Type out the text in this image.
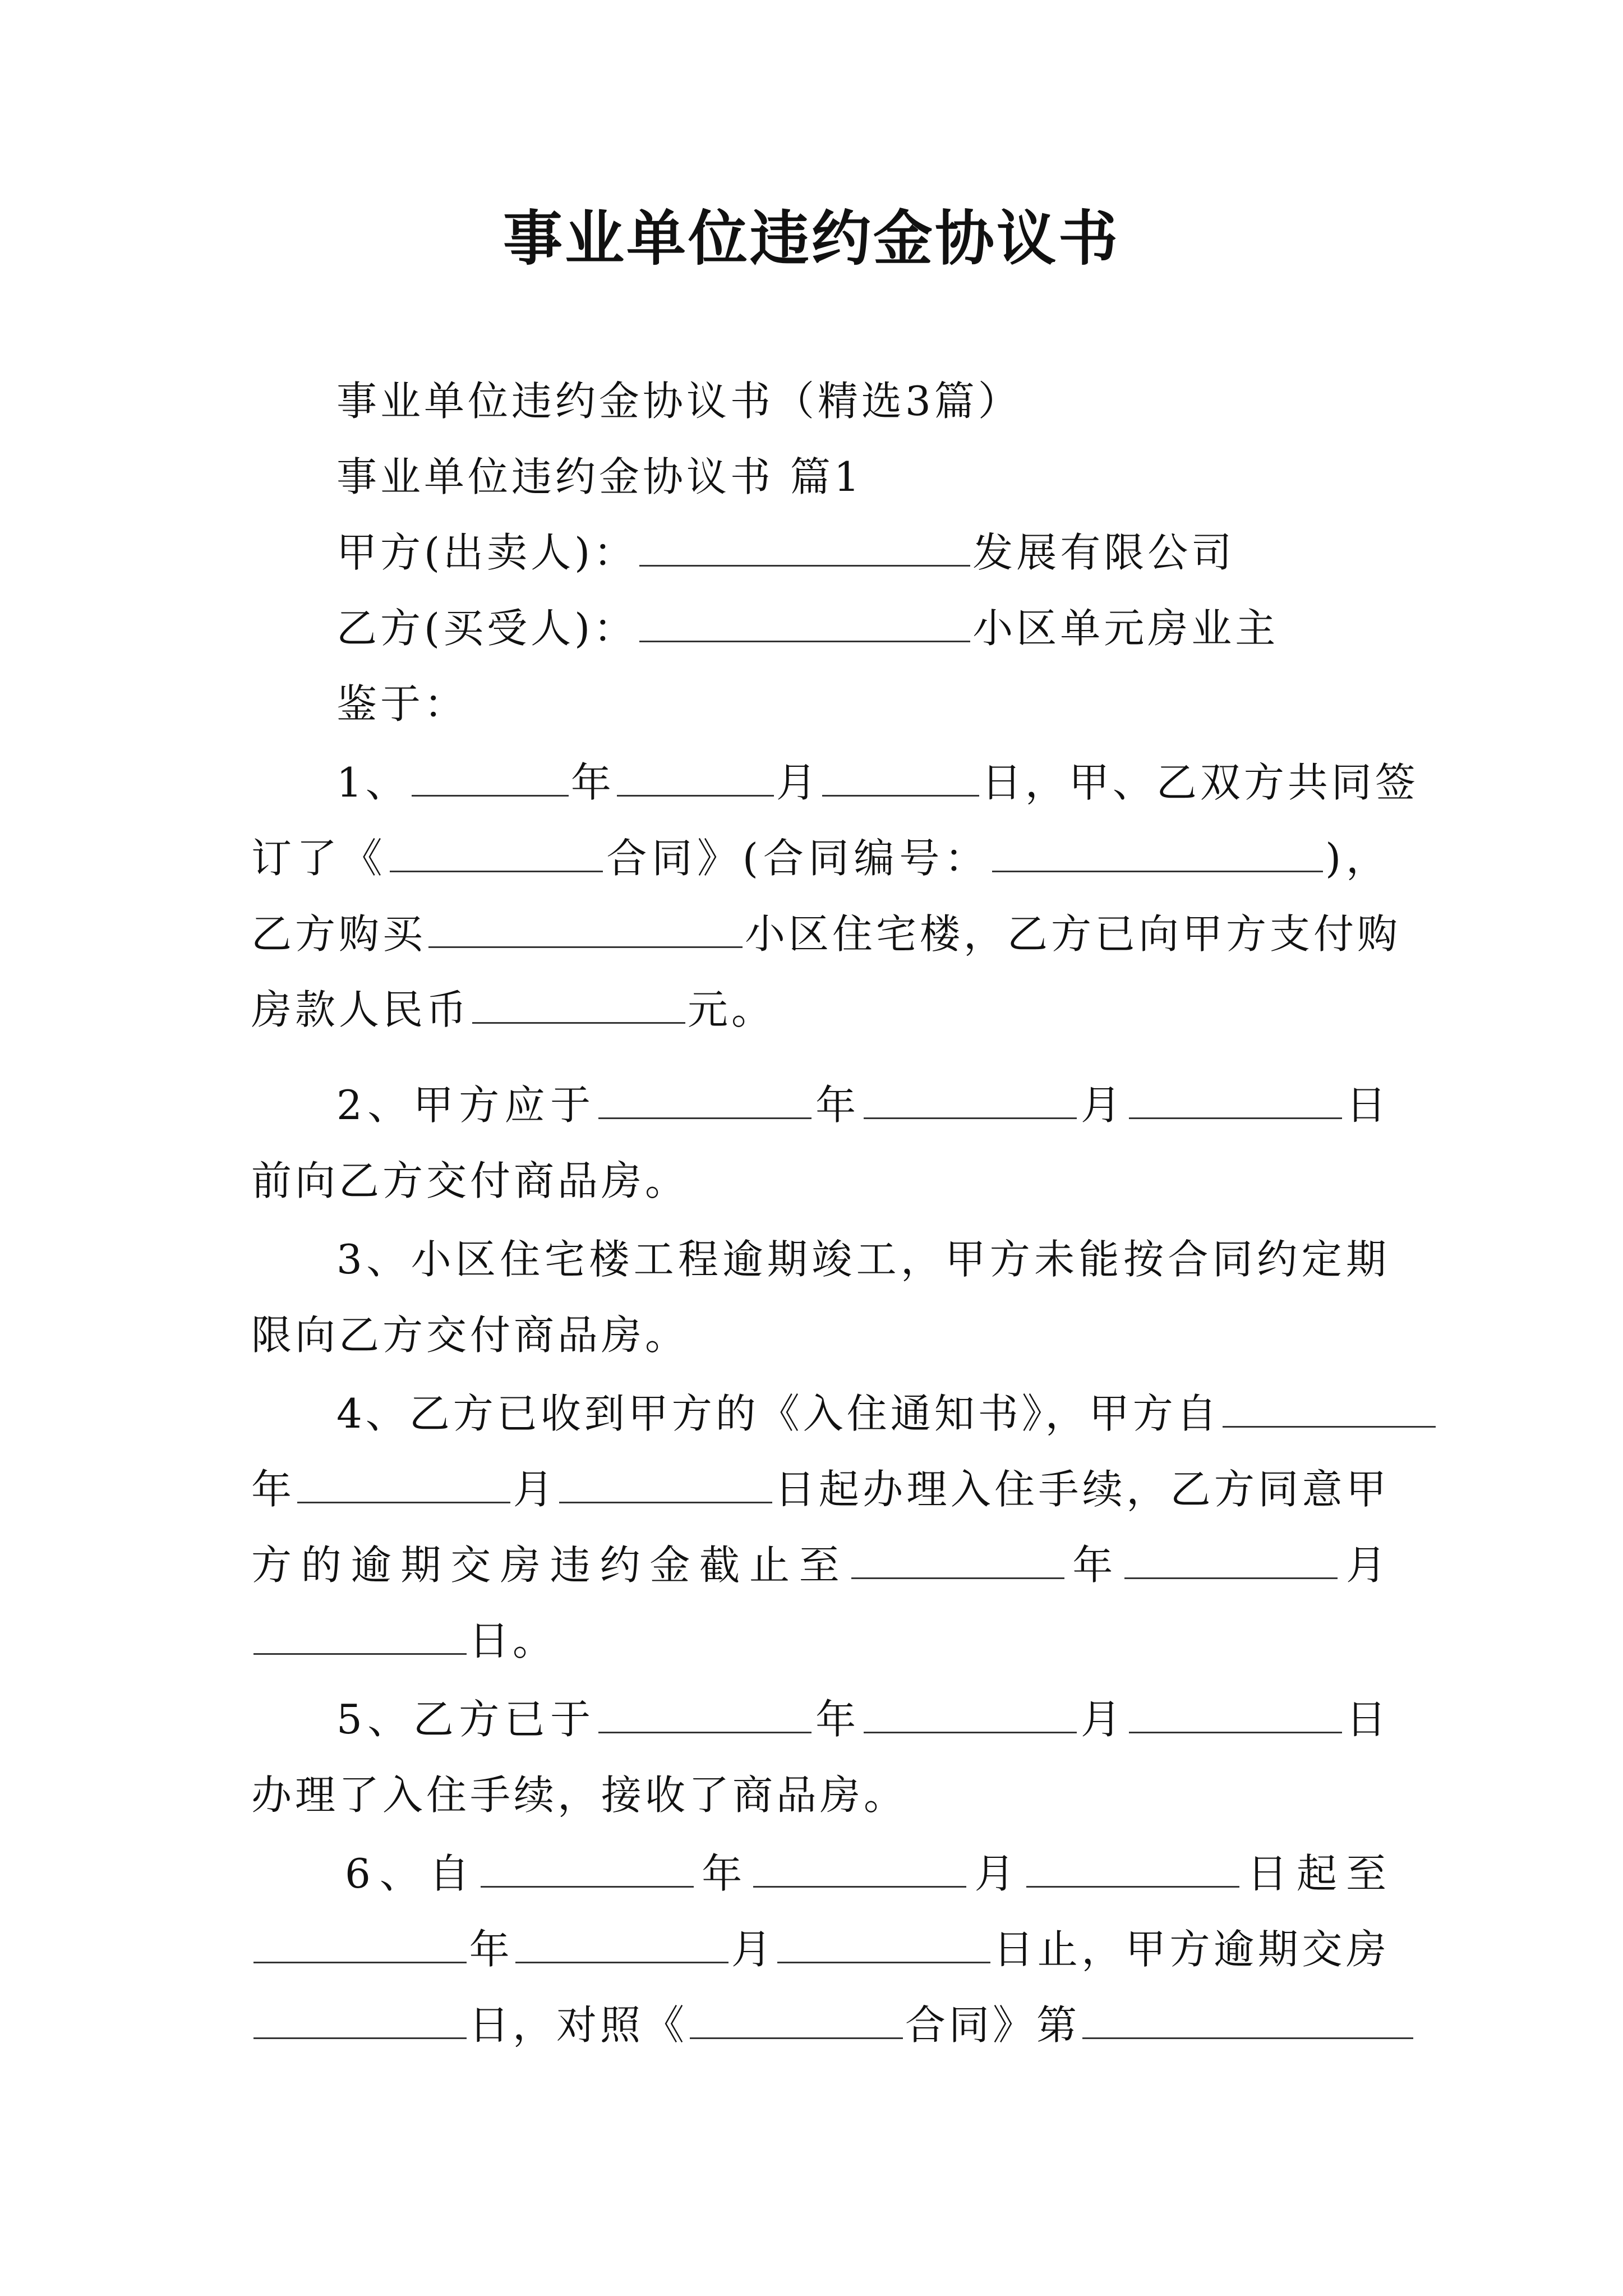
事业单位违约金协议书
事业单位违约金协议书（精选3篇）
事业单位违约金协议书 篇1
甲方(出卖人)：	发展有限公司
乙方(买受人)：	小区单元房业主
鉴于：
1、	年	月	日，甲、乙双方共同签
订了《	合同》(合同编号：	)，
乙方购买	小区住宅楼，乙方已向甲方支付购
房款人民币	元。
2、甲方应于	年	月	日
前向乙方交付商品房。
3、小区住宅楼工程逾期竣工，甲方未能按合同约定期
限向乙方交付商品房。
4、乙方已收到甲方的《入住通知书》，甲方自
年	月	日起办理入住手续，乙方同意甲
方的逾期交房违约金截止至	年	月
日。
5、乙方已于	年	月	日
办理了入住手续，接收了商品房。
6、自	年	月	日起至
年	月	日止，甲方逾期交房
日，对照《	合同》第
